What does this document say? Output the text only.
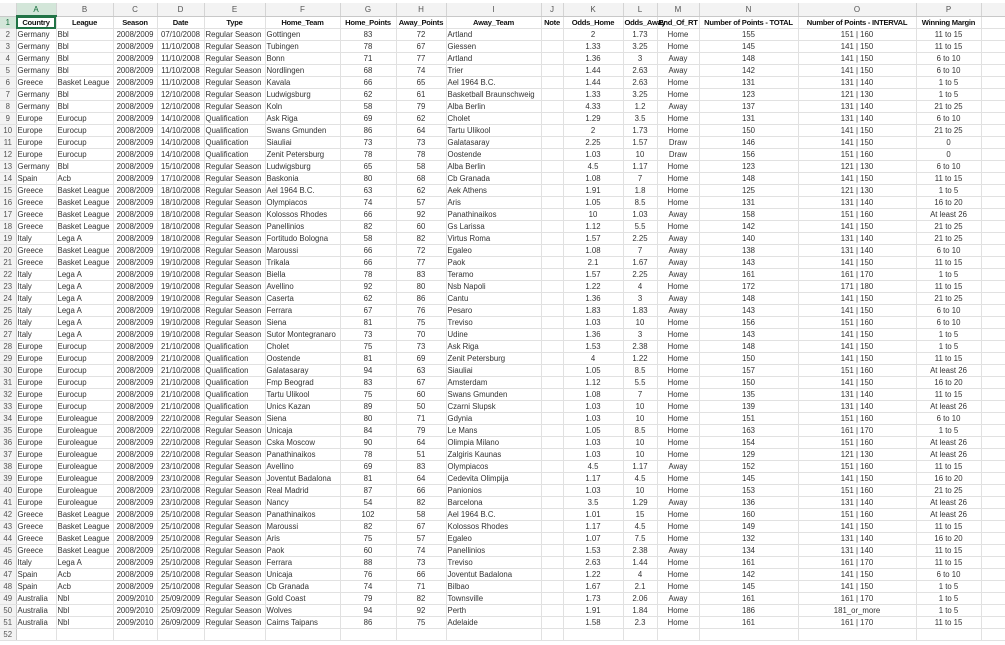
	A	B	C	D	E	F	G	H	I	J	K	L	M	N	O	P	
1	Country	League	Season	Date	Type	Home_Team	Home_Points	Away_Points	Away_Team	Note	Odds_Home	Odds_Away	End_Of_RT	Number of Points - TOTAL	Number of Points - INTERVAL	Winning Margin	
2	Germany	Bbl	2008/2009	07/10/2008	Regular Season	Gottingen	83	72	Artland		2	1.73	Home	155	151 | 160	11 to 15	
3	Germany	Bbl	2008/2009	11/10/2008	Regular Season	Tubingen	78	67	Giessen		1.33	3.25	Home	145	141 | 150	11 to 15	
4	Germany	Bbl	2008/2009	11/10/2008	Regular Season	Bonn	71	77	Artland		1.36	3	Away	148	141 | 150	6 to 10	
5	Germany	Bbl	2008/2009	11/10/2008	Regular Season	Nordlingen	68	74	Trier		1.44	2.63	Away	142	141 | 150	6 to 10	
6	Greece	Basket League	2008/2009	11/10/2008	Regular Season	Kavala	66	65	Ael 1964 B.C.		1.44	2.63	Home	131	131 | 140	1 to 5	
7	Germany	Bbl	2008/2009	12/10/2008	Regular Season	Ludwigsburg	62	61	Basketball Braunschweig		1.33	3.25	Home	123	121 | 130	1 to 5	
8	Germany	Bbl	2008/2009	12/10/2008	Regular Season	Koln	58	79	Alba Berlin		4.33	1.2	Away	137	131 | 140	21 to 25	
9	Europe	Eurocup	2008/2009	14/10/2008	Qualification	Ask Riga	69	62	Cholet		1.29	3.5	Home	131	131 | 140	6 to 10	
10	Europe	Eurocup	2008/2009	14/10/2008	Qualification	Swans Gmunden	86	64	Tartu Ulikool		2	1.73	Home	150	141 | 150	21 to 25	
11	Europe	Eurocup	2008/2009	14/10/2008	Qualification	Siauliai	73	73	Galatasaray		2.25	1.57	Draw	146	141 | 150	0	
12	Europe	Eurocup	2008/2009	14/10/2008	Qualification	Zenit Petersburg	78	78	Oostende		1.03	10	Draw	156	151 | 160	0	
13	Germany	Bbl	2008/2009	15/10/2008	Regular Season	Ludwigsburg	65	58	Alba Berlin		4.5	1.17	Home	123	121 | 130	6 to 10	
14	Spain	Acb	2008/2009	17/10/2008	Regular Season	Baskonia	80	68	Cb Granada		1.08	7	Home	148	141 | 150	11 to 15	
15	Greece	Basket League	2008/2009	18/10/2008	Regular Season	Ael 1964 B.C.	63	62	Aek Athens		1.91	1.8	Home	125	121 | 130	1 to 5	
16	Greece	Basket League	2008/2009	18/10/2008	Regular Season	Olympiacos	74	57	Aris		1.05	8.5	Home	131	131 | 140	16 to 20	
17	Greece	Basket League	2008/2009	18/10/2008	Regular Season	Kolossos Rhodes	66	92	Panathinaikos		10	1.03	Away	158	151 | 160	At least 26	
18	Greece	Basket League	2008/2009	18/10/2008	Regular Season	Panellinios	82	60	Gs Larissa		1.12	5.5	Home	142	141 | 150	21 to 25	
19	Italy	Lega A	2008/2009	18/10/2008	Regular Season	Fortitudo Bologna	58	82	Virtus Roma		1.57	2.25	Away	140	131 | 140	21 to 25	
20	Greece	Basket League	2008/2009	19/10/2008	Regular Season	Maroussi	66	72	Egaleo		1.08	7	Away	138	131 | 140	6 to 10	
21	Greece	Basket League	2008/2009	19/10/2008	Regular Season	Trikala	66	77	Paok		2.1	1.67	Away	143	141 | 150	11 to 15	
22	Italy	Lega A	2008/2009	19/10/2008	Regular Season	Biella	78	83	Teramo		1.57	2.25	Away	161	161 | 170	1 to 5	
23	Italy	Lega A	2008/2009	19/10/2008	Regular Season	Avellino	92	80	Nsb Napoli		1.22	4	Home	172	171 | 180	11 to 15	
24	Italy	Lega A	2008/2009	19/10/2008	Regular Season	Caserta	62	86	Cantu		1.36	3	Away	148	141 | 150	21 to 25	
25	Italy	Lega A	2008/2009	19/10/2008	Regular Season	Ferrara	67	76	Pesaro		1.83	1.83	Away	143	141 | 150	6 to 10	
26	Italy	Lega A	2008/2009	19/10/2008	Regular Season	Siena	81	75	Treviso		1.03	10	Home	156	151 | 160	6 to 10	
27	Italy	Lega A	2008/2009	19/10/2008	Regular Season	Sutor Montegranaro	73	70	Udine		1.36	3	Home	143	141 | 150	1 to 5	
28	Europe	Eurocup	2008/2009	21/10/2008	Qualification	Cholet	75	73	Ask Riga		1.53	2.38	Home	148	141 | 150	1 to 5	
29	Europe	Eurocup	2008/2009	21/10/2008	Qualification	Oostende	81	69	Zenit Petersburg		4	1.22	Home	150	141 | 150	11 to 15	
30	Europe	Eurocup	2008/2009	21/10/2008	Qualification	Galatasaray	94	63	Siauliai		1.05	8.5	Home	157	151 | 160	At least 26	
31	Europe	Eurocup	2008/2009	21/10/2008	Qualification	Fmp Beograd	83	67	Amsterdam		1.12	5.5	Home	150	141 | 150	16 to 20	
32	Europe	Eurocup	2008/2009	21/10/2008	Qualification	Tartu Ulikool	75	60	Swans Gmunden		1.08	7	Home	135	131 | 140	11 to 15	
33	Europe	Eurocup	2008/2009	21/10/2008	Qualification	Unics Kazan	89	50	Czarni Slupsk		1.03	10	Home	139	131 | 140	At least 26	
34	Europe	Euroleague	2008/2009	22/10/2008	Regular Season	Siena	80	71	Gdynia		1.03	10	Home	151	151 | 160	6 to 10	
35	Europe	Euroleague	2008/2009	22/10/2008	Regular Season	Unicaja	84	79	Le Mans		1.05	8.5	Home	163	161 | 170	1 to 5	
36	Europe	Euroleague	2008/2009	22/10/2008	Regular Season	Cska Moscow	90	64	Olimpia Milano		1.03	10	Home	154	151 | 160	At least 26	
37	Europe	Euroleague	2008/2009	22/10/2008	Regular Season	Panathinaikos	78	51	Zalgiris Kaunas		1.03	10	Home	129	121 | 130	At least 26	
38	Europe	Euroleague	2008/2009	23/10/2008	Regular Season	Avellino	69	83	Olympiacos		4.5	1.17	Away	152	151 | 160	11 to 15	
39	Europe	Euroleague	2008/2009	23/10/2008	Regular Season	Joventut Badalona	81	64	Cedevita Olimpija		1.17	4.5	Home	145	141 | 150	16 to 20	
40	Europe	Euroleague	2008/2009	23/10/2008	Regular Season	Real Madrid	87	66	Panionios		1.03	10	Home	153	151 | 160	21 to 25	
41	Europe	Euroleague	2008/2009	23/10/2008	Regular Season	Nancy	54	82	Barcelona		3.5	1.29	Away	136	131 | 140	At least 26	
42	Greece	Basket League	2008/2009	25/10/2008	Regular Season	Panathinaikos	102	58	Ael 1964 B.C.		1.01	15	Home	160	151 | 160	At least 26	
43	Greece	Basket League	2008/2009	25/10/2008	Regular Season	Maroussi	82	67	Kolossos Rhodes		1.17	4.5	Home	149	141 | 150	11 to 15	
44	Greece	Basket League	2008/2009	25/10/2008	Regular Season	Aris	75	57	Egaleo		1.07	7.5	Home	132	131 | 140	16 to 20	
45	Greece	Basket League	2008/2009	25/10/2008	Regular Season	Paok	60	74	Panellinios		1.53	2.38	Away	134	131 | 140	11 to 15	
46	Italy	Lega A	2008/2009	25/10/2008	Regular Season	Ferrara	88	73	Treviso		2.63	1.44	Home	161	161 | 170	11 to 15	
47	Spain	Acb	2008/2009	25/10/2008	Regular Season	Unicaja	76	66	Joventut Badalona		1.22	4	Home	142	141 | 150	6 to 10	
48	Spain	Acb	2008/2009	25/10/2008	Regular Season	Cb Granada	74	71	Bilbao		1.67	2.1	Home	145	141 | 150	1 to 5	
49	Australia	Nbl	2009/2010	25/09/2009	Regular Season	Gold Coast	79	82	Townsville		1.73	2.06	Away	161	161 | 170	1 to 5	
50	Australia	Nbl	2009/2010	25/09/2009	Regular Season	Wolves	94	92	Perth		1.91	1.84	Home	186	181_or_more	1 to 5	
51	Australia	Nbl	2009/2010	26/09/2009	Regular Season	Cairns Taipans	86	75	Adelaide		1.58	2.3	Home	161	161 | 170	11 to 15	
52																	
